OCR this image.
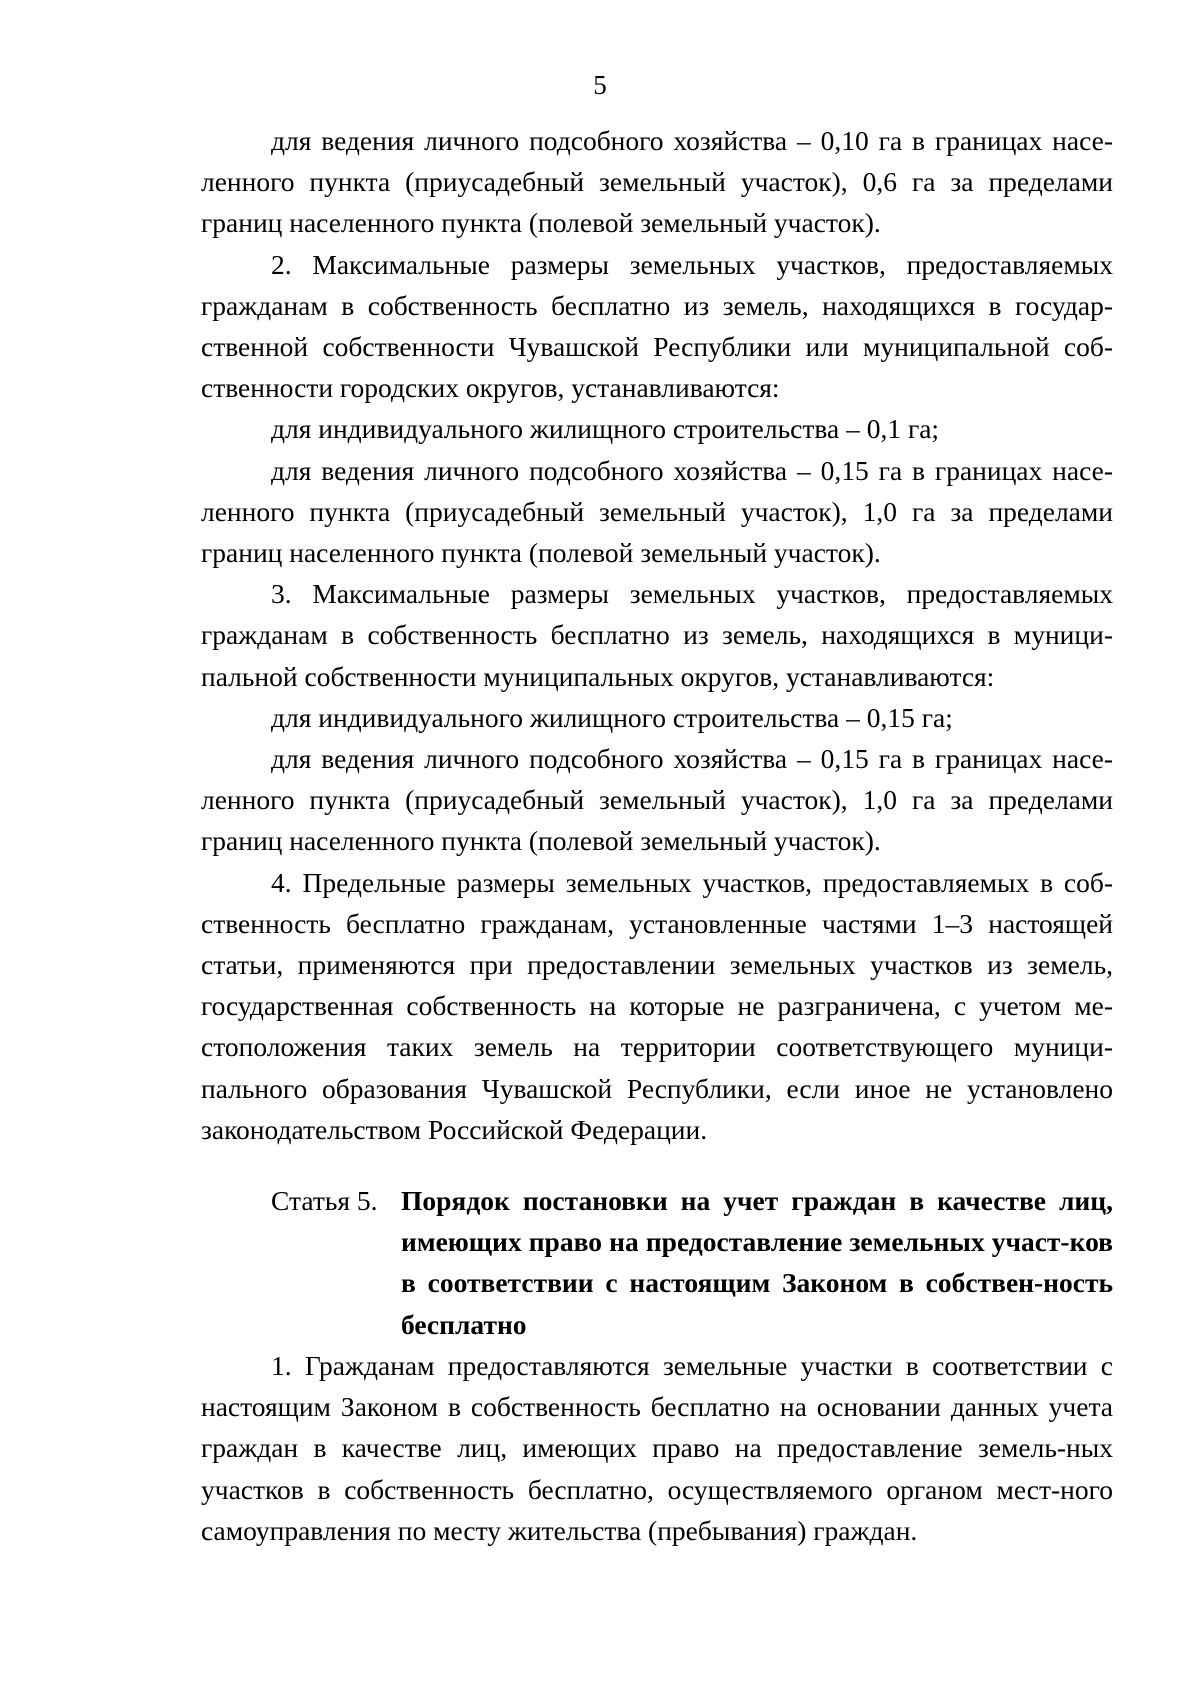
5

для ведения личного подсобного хозяйства – 0,10 га в границах насе-ленного пункта (приусадебный земельный участок), 0,6 га за пределами границ населенного пункта (полевой земельный участок).

2. Максимальные размеры земельных участков, предоставляемых гражданам в собственность бесплатно из земель, находящихся в государ-ственной собственности Чувашской Республики или муниципальной соб-ственности городских округов, устанавливаются:

для индивидуального жилищного строительства – 0,1 га;

для ведения личного подсобного хозяйства – 0,15 га в границах насе-ленного пункта (приусадебный земельный участок), 1,0 га за пределами границ населенного пункта (полевой земельный участок).

3. Максимальные размеры земельных участков, предоставляемых гражданам в собственность бесплатно из земель, находящихся в муници-пальной собственности муниципальных округов, устанавливаются:

для индивидуального жилищного строительства – 0,15 га;

для ведения личного подсобного хозяйства – 0,15 га в границах насе-ленного пункта (приусадебный земельный участок), 1,0 га за пределами границ населенного пункта (полевой земельный участок).

4. Предельные размеры земельных участков, предоставляемых в соб-ственность бесплатно гражданам, установленные частями 1–3 настоящей статьи, применяются при предоставлении земельных участков из земель, государственная собственность на которые не разграничена, с учетом ме-стоположения таких земель на территории соответствующего муници-пального образования Чувашской Республики, если иное не установлено законодательством Российской Федерации.

Статья 5. Порядок постановки на учет граждан в качестве лиц, имеющих право на предоставление земельных участ-ков в соответствии с настоящим Законом в собствен-ность бесплатно

1. Гражданам предоставляются земельные участки в соответствии с настоящим Законом в собственность бесплатно на основании данных учета граждан в качестве лиц, имеющих право на предоставление земель-ных участков в собственность бесплатно, осуществляемого органом мест-ного самоуправления по месту жительства (пребывания) граждан.
